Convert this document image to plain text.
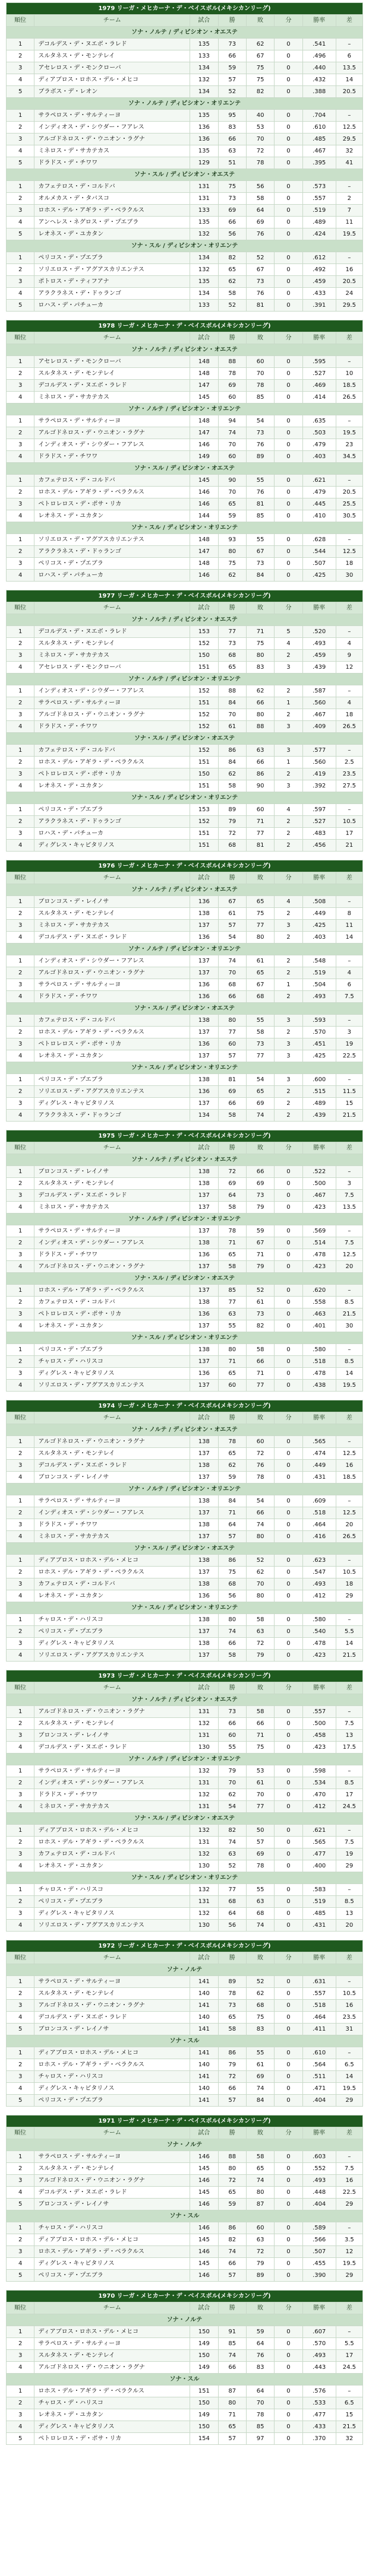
1979 リーガ・メヒカーナ・デ・ベイスボル(メキシカンリーグ)							
順位	チーム	試合	勝	敗	分	勝率	差
ソナ・ノルテ / ディビシオン・オエステ							
1	デコルデス・デ・ヌエボ・ラレド	135	73	62	0	.541	–
2	スルタネス・デ・モンテレイ	133	66	67	0	.496	6
3	アセレロス・デ・モンクローバ	134	59	75	0	.440	13.5
4	ディアブロス・ロホス・デル・メヒコ	132	57	75	0	.432	14
5	ブラボス・デ・レオン	134	52	82	0	.388	20.5
ソナ・ノルテ / ディビシオン・オリエンテ							
1	サラペロス・デ・サルティーヨ	135	95	40	0	.704	–
2	インディオス・デ・シウダー・フアレス	136	83	53	0	.610	12.5
3	アルゴドネロス・デ・ウニオン・ラグナ	136	66	70	0	.485	29.5
4	ミネロス・デ・サカテカス	135	63	72	0	.467	32
5	ドラドス・デ・チワワ	129	51	78	0	.395	41
ソナ・スル / ディビシオン・オエステ							
1	カフェテロス・デ・コルドバ	131	75	56	0	.573	–
2	オルメカス・デ・タバスコ	131	73	58	0	.557	2
3	ロホス・デル・アギラ・デ・ベラクルス	133	69	64	0	.519	7
4	アンヘレス・ネグロス・デ・プエブラ	135	66	69	0	.489	11
5	レオネス・デ・ユカタン	132	56	76	0	.424	19.5
ソナ・スル / ディビシオン・オリエンテ							
1	ペリコス・デ・プエブラ	134	82	52	0	.612	–
2	ソリエロス・デ・アグアスカリエンテス	132	65	67	0	.492	16
3	ポトロス・デ・ティフアナ	135	62	73	0	.459	20.5
4	アラクラネス・デ・ドゥランゴ	134	58	76	0	.433	24
5	ロハス・デ・パチューカ	133	52	81	0	.391	29.5
1978 リーガ・メヒカーナ・デ・ベイスボル(メキシカンリーグ)							
順位	チーム	試合	勝	敗	分	勝率	差
ソナ・ノルテ / ディビシオン・オエステ							
1	アセレロス・デ・モンクローバ	148	88	60	0	.595	–
2	スルタネス・デ・モンテレイ	148	78	70	0	.527	10
3	デコルデス・デ・ヌエボ・ラレド	147	69	78	0	.469	18.5
4	ミネロス・デ・サカテカス	145	60	85	0	.414	26.5
ソナ・ノルテ / ディビシオン・オリエンテ							
1	サラペロス・デ・サルティーヨ	148	94	54	0	.635	–
2	アルゴドネロス・デ・ウニオン・ラグナ	147	74	73	0	.503	19.5
3	インディオス・デ・シウダー・フアレス	146	70	76	0	.479	23
4	ドラドス・デ・チワワ	149	60	89	0	.403	34.5
ソナ・スル / ディビシオン・オエステ							
1	カフェテロス・デ・コルドバ	145	90	55	0	.621	–
2	ロホス・デル・アギラ・デ・ベラクルス	146	70	76	0	.479	20.5
3	ペトロレロス・デ・ポサ・リカ	146	65	81	0	.445	25.5
4	レオネス・デ・ユカタン	144	59	85	0	.410	30.5
ソナ・スル / ディビシオン・オリエンテ							
1	ソリエロス・デ・アグアスカリエンテス	148	93	55	0	.628	–
2	アラクラネス・デ・ドゥランゴ	147	80	67	0	.544	12.5
3	ペリコス・デ・プエブラ	148	75	73	0	.507	18
4	ロハス・デ・パチューカ	146	62	84	0	.425	30
1977 リーガ・メヒカーナ・デ・ベイスボル(メキシカンリーグ)							
順位	チーム	試合	勝	敗	分	勝率	差
ソナ・ノルテ / ディビシオン・オエステ							
1	デコルデス・デ・ヌエボ・ラレド	153	77	71	5	.520	–
2	スルタネス・デ・モンテレイ	152	73	75	4	.493	4
3	ミネロス・デ・サカテカス	150	68	80	2	.459	9
4	アセレロス・デ・モンクローバ	151	65	83	3	.439	12
ソナ・ノルテ / ディビシオン・オリエンテ							
1	インディオス・デ・シウダー・フアレス	152	88	62	2	.587	–
2	サラペロス・デ・サルティーヨ	151	84	66	1	.560	4
3	アルゴドネロス・デ・ウニオン・ラグナ	152	70	80	2	.467	18
4	ドラドス・デ・チワワ	152	61	88	3	.409	26.5
ソナ・スル / ディビシオン・オエステ							
1	カフェテロス・デ・コルドバ	152	86	63	3	.577	–
2	ロホス・デル・アギラ・デ・ベラクルス	151	84	66	1	.560	2.5
3	ペトロレロス・デ・ポサ・リカ	150	62	86	2	.419	23.5
4	レオネス・デ・ユカタン	151	58	90	3	.392	27.5
ソナ・スル / ディビシオン・オリエンテ							
1	ペリコス・デ・プエブラ	153	89	60	4	.597	–
2	アラクラネス・デ・ドゥランゴ	152	79	71	2	.527	10.5
3	ロハス・デ・パチューカ	151	72	77	2	.483	17
4	ディグレス・キャピタリノス	151	68	81	2	.456	21
1976 リーガ・メヒカーナ・デ・ベイスボル(メキシカンリーグ)							
順位	チーム	試合	勝	敗	分	勝率	差
ソナ・ノルテ / ディビシオン・オエステ							
1	ブロンコス・デ・レイノサ	136	67	65	4	.508	–
2	スルタネス・デ・モンテレイ	138	61	75	2	.449	8
3	ミネロス・デ・サカテカス	137	57	77	3	.425	11
4	デコルデス・デ・ヌエボ・ラレド	136	54	80	2	.403	14
ソナ・ノルテ / ディビシオン・オリエンテ							
1	インディオス・デ・シウダー・フアレス	137	74	61	2	.548	–
2	アルゴドネロス・デ・ウニオン・ラグナ	137	70	65	2	.519	4
3	サラペロス・デ・サルティーヨ	136	68	67	1	.504	6
4	ドラドス・デ・チワワ	136	66	68	2	.493	7.5
ソナ・スル / ディビシオン・オエステ							
1	カフェテロス・デ・コルドバ	138	80	55	3	.593	–
2	ロホス・デル・アギラ・デ・ベラクルス	137	77	58	2	.570	3
3	ペトロレロス・デ・ポサ・リカ	136	60	73	3	.451	19
4	レオネス・デ・ユカタン	137	57	77	3	.425	22.5
ソナ・スル / ディビシオン・オリエンテ							
1	ペリコス・デ・プエブラ	138	81	54	3	.600	–
2	ソリエロス・デ・アグアスカリエンテス	136	69	65	2	.515	11.5
3	ディグレス・キャピタリノス	137	66	69	2	.489	15
4	アラクラネス・デ・ドゥランゴ	134	58	74	2	.439	21.5
1975 リーガ・メヒカーナ・デ・ベイスボル(メキシカンリーグ)							
順位	チーム	試合	勝	敗	分	勝率	差
ソナ・ノルテ / ディビシオン・オエステ							
1	ブロンコス・デ・レイノサ	138	72	66	0	.522	–
2	スルタネス・デ・モンテレイ	138	69	69	0	.500	3
3	デコルデス・デ・ヌエボ・ラレド	137	64	73	0	.467	7.5
4	ミネロス・デ・サカテカス	137	58	79	0	.423	13.5
ソナ・ノルテ / ディビシオン・オリエンテ							
1	サラペロス・デ・サルティーヨ	137	78	59	0	.569	–
2	インディオス・デ・シウダー・フアレス	138	71	67	0	.514	7.5
3	ドラドス・デ・チワワ	136	65	71	0	.478	12.5
4	アルゴドネロス・デ・ウニオン・ラグナ	137	58	79	0	.423	20
ソナ・スル / ディビシオン・オエステ							
1	ロホス・デル・アギラ・デ・ベラクルス	137	85	52	0	.620	–
2	カフェテロス・デ・コルドバ	138	77	61	0	.558	8.5
3	ペトロレロス・デ・ポサ・リカ	136	63	73	0	.463	21.5
4	レオネス・デ・ユカタン	137	55	82	0	.401	30
ソナ・スル / ディビシオン・オリエンテ							
1	ペリコス・デ・プエブラ	138	80	58	0	.580	–
2	チャロス・デ・ハリスコ	137	71	66	0	.518	8.5
3	ディグレス・キャピタリノス	136	65	71	0	.478	14
4	ソリエロス・デ・アグアスカリエンテス	137	60	77	0	.438	19.5
1974 リーガ・メヒカーナ・デ・ベイスボル(メキシカンリーグ)							
順位	チーム	試合	勝	敗	分	勝率	差
ソナ・ノルテ / ディビシオン・オエステ							
1	アルゴドネロス・デ・ウニオン・ラグナ	138	78	60	0	.565	–
2	スルタネス・デ・モンテレイ	137	65	72	0	.474	12.5
3	デコルデス・デ・ヌエボ・ラレド	138	62	76	0	.449	16
4	ブロンコス・デ・レイノサ	137	59	78	0	.431	18.5
ソナ・ノルテ / ディビシオン・オリエンテ							
1	サラペロス・デ・サルティーヨ	138	84	54	0	.609	–
2	インディオス・デ・シウダー・フアレス	137	71	66	0	.518	12.5
3	ドラドス・デ・チワワ	138	64	74	0	.464	20
4	ミネロス・デ・サカテカス	137	57	80	0	.416	26.5
ソナ・スル / ディビシオン・オエステ							
1	ディアブロス・ロホス・デル・メヒコ	138	86	52	0	.623	–
2	ロホス・デル・アギラ・デ・ベラクルス	137	75	62	0	.547	10.5
3	カフェテロス・デ・コルドバ	138	68	70	0	.493	18
4	レオネス・デ・ユカタン	136	56	80	0	.412	29
ソナ・スル / ディビシオン・オリエンテ							
1	チャロス・デ・ハリスコ	138	80	58	0	.580	–
2	ペリコス・デ・プエブラ	137	74	63	0	.540	5.5
3	ディグレス・キャピタリノス	138	66	72	0	.478	14
4	ソリエロス・デ・アグアスカリエンテス	137	58	79	0	.423	21.5
1973 リーガ・メヒカーナ・デ・ベイスボル(メキシカンリーグ)							
順位	チーム	試合	勝	敗	分	勝率	差
ソナ・ノルテ / ディビシオン・オエステ							
1	アルゴドネロス・デ・ウニオン・ラグナ	131	73	58	0	.557	–
2	スルタネス・デ・モンテレイ	132	66	66	0	.500	7.5
3	ブロンコス・デ・レイノサ	131	60	71	0	.458	13
4	デコルデス・デ・ヌエボ・ラレド	130	55	75	0	.423	17.5
ソナ・ノルテ / ディビシオン・オリエンテ							
1	サラペロス・デ・サルティーヨ	132	79	53	0	.598	–
2	インディオス・デ・シウダー・フアレス	131	70	61	0	.534	8.5
3	ドラドス・デ・チワワ	132	62	70	0	.470	17
4	ミネロス・デ・サカテカス	131	54	77	0	.412	24.5
ソナ・スル / ディビシオン・オエステ							
1	ディアブロス・ロホス・デル・メヒコ	132	82	50	0	.621	–
2	ロホス・デル・アギラ・デ・ベラクルス	131	74	57	0	.565	7.5
3	カフェテロス・デ・コルドバ	132	63	69	0	.477	19
4	レオネス・デ・ユカタン	130	52	78	0	.400	29
ソナ・スル / ディビシオン・オリエンテ							
1	チャロス・デ・ハリスコ	132	77	55	0	.583	–
2	ペリコス・デ・プエブラ	131	68	63	0	.519	8.5
3	ディグレス・キャピタリノス	132	64	68	0	.485	13
4	ソリエロス・デ・アグアスカリエンテス	130	56	74	0	.431	20
1972 リーガ・メヒカーナ・デ・ベイスボル(メキシカンリーグ)							
順位	チーム	試合	勝	敗	分	勝率	差
ソナ・ノルテ							
1	サラペロス・デ・サルティーヨ	141	89	52	0	.631	–
2	スルタネス・デ・モンテレイ	140	78	62	0	.557	10.5
3	アルゴドネロス・デ・ウニオン・ラグナ	141	73	68	0	.518	16
4	デコルデス・デ・ヌエボ・ラレド	140	65	75	0	.464	23.5
5	ブロンコス・デ・レイノサ	141	58	83	0	.411	31
ソナ・スル							
1	ディアブロス・ロホス・デル・メヒコ	141	86	55	0	.610	–
2	ロホス・デル・アギラ・デ・ベラクルス	140	79	61	0	.564	6.5
3	チャロス・デ・ハリスコ	141	72	69	0	.511	14
4	ディグレス・キャピタリノス	140	66	74	0	.471	19.5
5	ペリコス・デ・プエブラ	141	57	84	0	.404	29
1971 リーガ・メヒカーナ・デ・ベイスボル(メキシカンリーグ)							
順位	チーム	試合	勝	敗	分	勝率	差
ソナ・ノルテ							
1	サラペロス・デ・サルティーヨ	146	88	58	0	.603	–
2	スルタネス・デ・モンテレイ	145	80	65	0	.552	7.5
3	アルゴドネロス・デ・ウニオン・ラグナ	146	72	74	0	.493	16
4	デコルデス・デ・ヌエボ・ラレド	145	65	80	0	.448	22.5
5	ブロンコス・デ・レイノサ	146	59	87	0	.404	29
ソナ・スル							
1	チャロス・デ・ハリスコ	146	86	60	0	.589	–
2	ディアブロス・ロホス・デル・メヒコ	145	82	63	0	.566	3.5
3	ロホス・デル・アギラ・デ・ベラクルス	146	74	72	0	.507	12
4	ディグレス・キャピタリノス	145	66	79	0	.455	19.5
5	ペリコス・デ・プエブラ	146	57	89	0	.390	29
1970 リーガ・メヒカーナ・デ・ベイスボル(メキシカンリーグ)							
順位	チーム	試合	勝	敗	分	勝率	差
ソナ・ノルテ							
1	ディアブロス・ロホス・デル・メヒコ	150	91	59	0	.607	–
2	サラペロス・デ・サルティーヨ	149	85	64	0	.570	5.5
3	スルタネス・デ・モンテレイ	150	74	76	0	.493	17
4	アルゴドネロス・デ・ウニオン・ラグナ	149	66	83	0	.443	24.5
ソナ・スル							
1	ロホス・デル・アギラ・デ・ベラクルス	151	87	64	0	.576	–
2	チャロス・デ・ハリスコ	150	80	70	0	.533	6.5
3	レオネス・デ・ユカタン	149	71	78	0	.477	15
4	ディグレス・キャピタリノス	150	65	85	0	.433	21.5
5	ペトロレロス・デ・ポサ・リカ	154	57	97	0	.370	32
